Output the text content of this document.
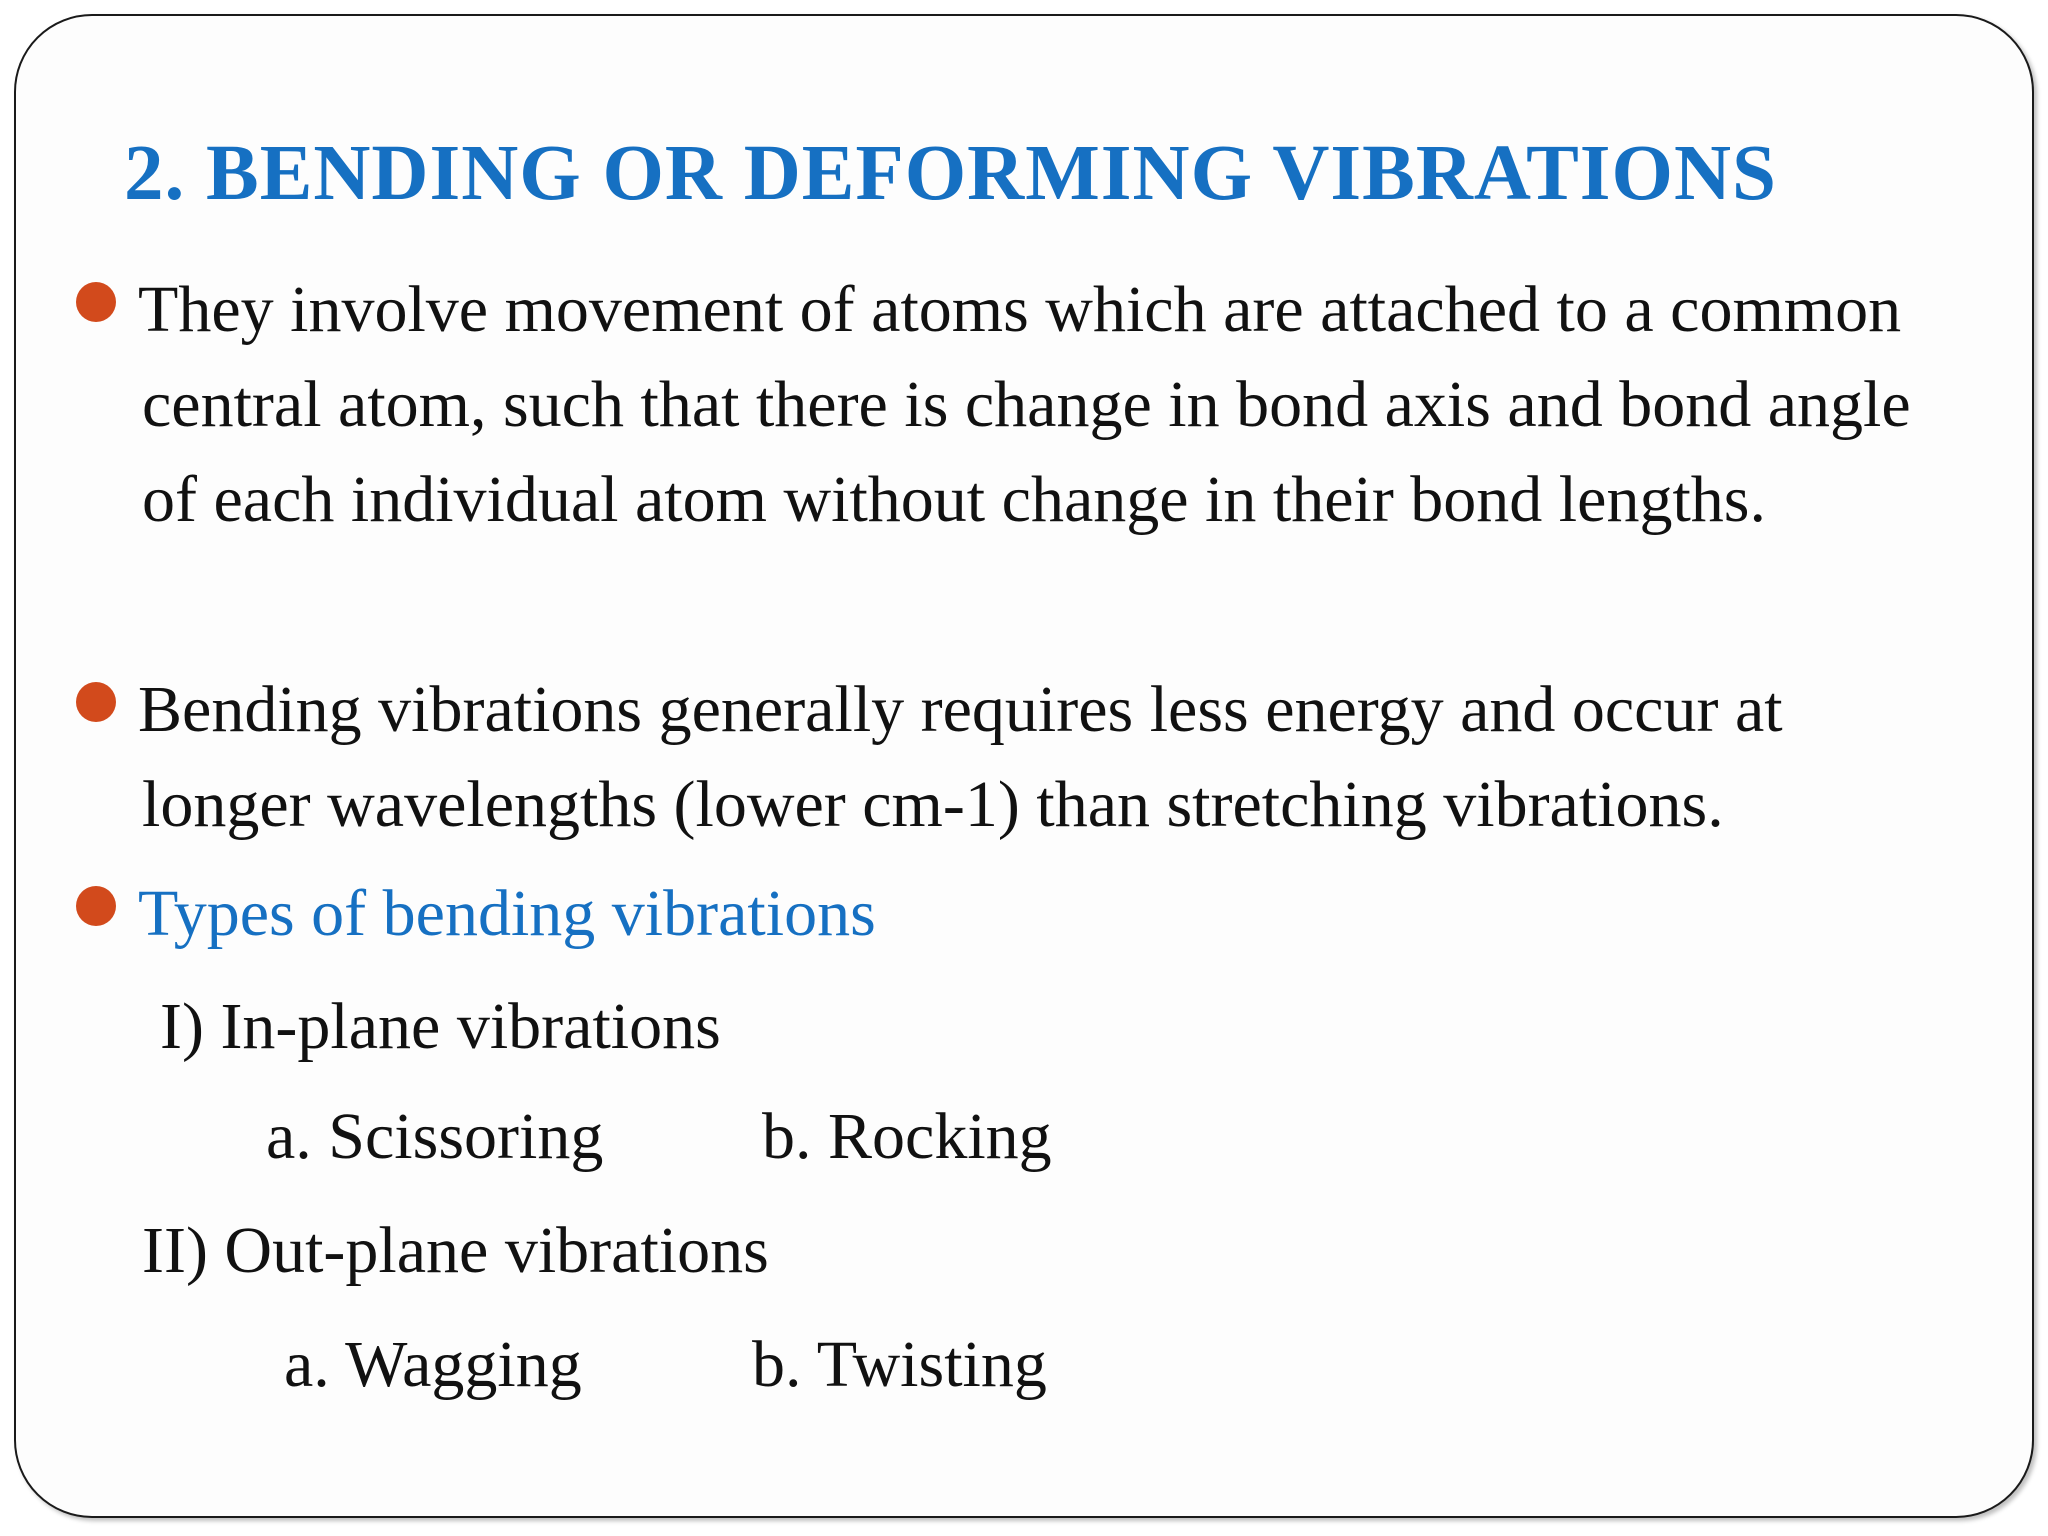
2. BENDING OR DEFORMING VIBRATIONS
They involve movement of atoms which are attached to a common central atom, such that there is change in bond axis and bond angle of each individual atom without change in their bond lengths.
Bending vibrations generally requires less energy and occur at longer wavelengths (lower cm-1) than stretching vibrations.
Types of bending vibrations

I) In-plane vibrations

a. Scissoring b. Rocking

II) Out-plane vibrations

a. Wagging	b. Twisting
